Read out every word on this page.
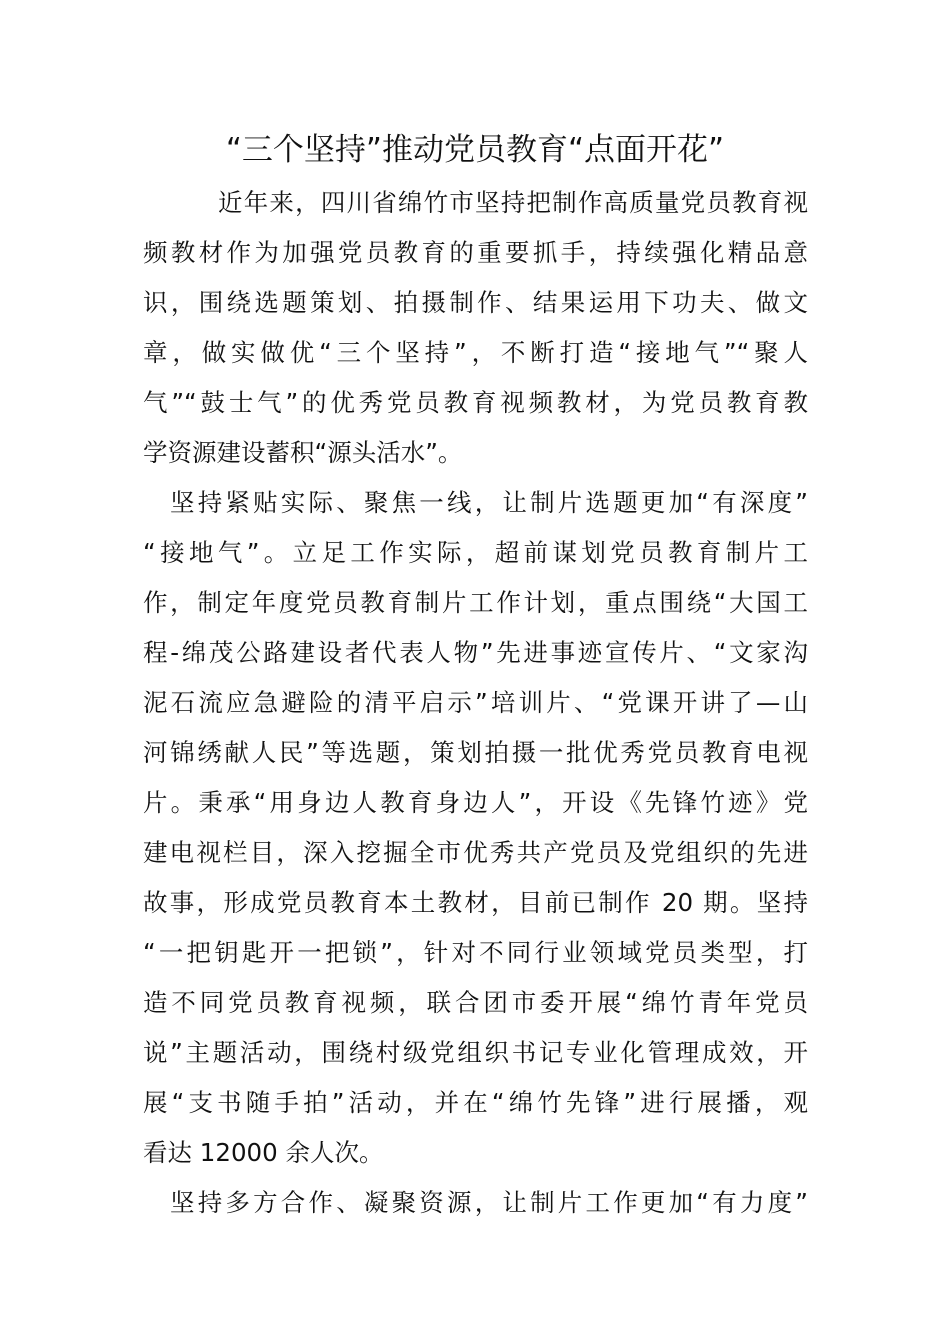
“三个坚持”推动党员教育“点面开花”
近年来，四川省绵竹市坚持把制作高质量党员教育视
频教材作为加强党员教育的重要抓手，持续强化精品意
识，围绕选题策划、拍摄制作、结果运用下功夫、做文
章，做实做优“三个坚持”，不断打造“接地气”“聚人
气”“鼓士气”的优秀党员教育视频教材，为党员教育教
学资源建设蓄积“源头活水”。
坚持紧贴实际、聚焦一线，让制片选题更加“有深度”
“接地气”。立足工作实际，超前谋划党员教育制片工
作，制定年度党员教育制片工作计划，重点围绕“大国工
程-绵茂公路建设者代表人物”先进事迹宣传片、“文家沟
泥石流应急避险的清平启示”培训片、“党课开讲了—山
河锦绣献人民”等选题，策划拍摄一批优秀党员教育电视
片。秉承“用身边人教育身边人”，开设《先锋竹迹》党
建电视栏目，深入挖掘全市优秀共产党员及党组织的先进
故事，形成党员教育本土教材，目前已制作 20 期。坚持
“一把钥匙开一把锁”，针对不同行业领域党员类型，打
造不同党员教育视频，联合团市委开展“绵竹青年党员
说”主题活动，围绕村级党组织书记专业化管理成效，开
展“支书随手拍”活动，并在“绵竹先锋”进行展播，观
看达 12000 余人次。
坚持多方合作、凝聚资源，让制片工作更加“有力度”
